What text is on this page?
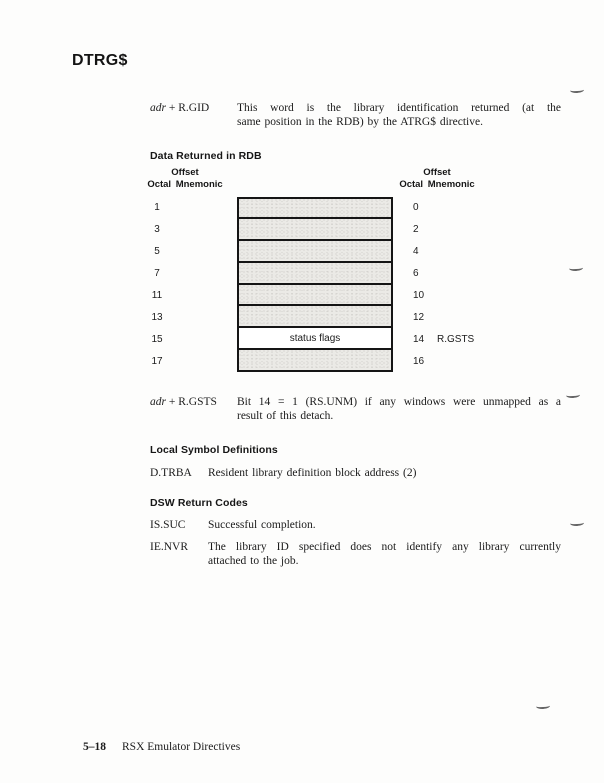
DTRG$
adr + R.GID This word is the library identification returned (at the
same position in the RDB) by the ATRG$ directive.
Data Returned in RDB
Offset
Octal Mnemonic
Offset
Octal Mnemonic
1	0
3	2
5	4
7	6
11	10
13	12
15	status flags	14	R.GSTS
17	16
adr + R.GSTS Bit 14 = 1 (RS.UNM) if any windows were unmapped as a
result of this detach.
Local Symbol Definitions
D.TRBA Resident library definition block address (2)
DSW Return Codes
IS.SUC Successful completion.
IE.NVR The library ID specified does not identify any library currently
attached to the job.
5–18 RSX Emulator Directives
